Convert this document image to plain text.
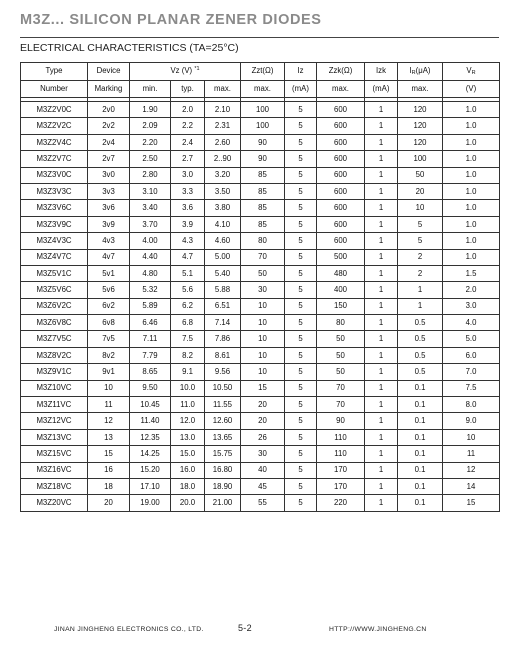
M3Z... SILICON PLANAR ZENER DIODES
ELECTRICAL CHARACTERISTICS (TA=25°C)
Type	Device	Vz (V) $^{*1}$			Zzt(Ω)	Iz	Zzk(Ω)	Izk	$I_R(\mu A)$	$V_R$
Number	Marking	min.	typ.	max.	max.	(mA)	max.	(mA)	max.	(V)

M3Z2V0C	2v0	1.90	2.0	2.10	100	5	600	1	120	1.0
M3Z2V2C	2v2	2.09	2.2	2.31	100	5	600	1	120	1.0
M3Z2V4C	2v4	2.20	2.4	2.60	90	5	600	1	120	1.0
M3Z2V7C	2v7	2.50	2.7	2..90	90	5	600	1	100	1.0
M3Z3V0C	3v0	2.80	3.0	3.20	85	5	600	1	50	1.0
M3Z3V3C	3v3	3.10	3.3	3.50	85	5	600	1	20	1.0
M3Z3V6C	3v6	3.40	3.6	3.80	85	5	600	1	10	1.0
M3Z3V9C	3v9	3.70	3.9	4.10	85	5	600	1	5	1.0
M3Z4V3C	4v3	4.00	4.3	4.60	80	5	600	1	5	1.0
M3Z4V7C	4v7	4.40	4.7	5.00	70	5	500	1	2	1.0
M3Z5V1C	5v1	4.80	5.1	5.40	50	5	480	1	2	1.5
M3Z5V6C	5v6	5.32	5.6	5.88	30	5	400	1	1	2.0
M3Z6V2C	6v2	5.89	6.2	6.51	10	5	150	1	1	3.0
M3Z6V8C	6v8	6.46	6.8	7.14	10	5	80	1	0.5	4.0
M3Z7V5C	7v5	7.11	7.5	7.86	10	5	50	1	0.5	5.0
M3Z8V2C	8v2	7.79	8.2	8.61	10	5	50	1	0.5	6.0
M3Z9V1C	9v1	8.65	9.1	9.56	10	5	50	1	0.5	7.0
M3Z10VC	10	9.50	10.0	10.50	15	5	70	1	0.1	7.5
M3Z11VC	11	10.45	11.0	11.55	20	5	70	1	0.1	8.0
M3Z12VC	12	11.40	12.0	12.60	20	5	90	1	0.1	9.0
M3Z13VC	13	12.35	13.0	13.65	26	5	110	1	0.1	10
M3Z15VC	15	14.25	15.0	15.75	30	5	110	1	0.1	11
M3Z16VC	16	15.20	16.0	16.80	40	5	170	1	0.1	12
M3Z18VC	18	17.10	18.0	18.90	45	5	170	1	0.1	14
M3Z20VC	20	19.00	20.0	21.00	55	5	220	1	0.1	15
JINAN JINGHENG ELECTRONICS CO., LTD.	5-2	HTTP://WWW.JINGHENG.CN
